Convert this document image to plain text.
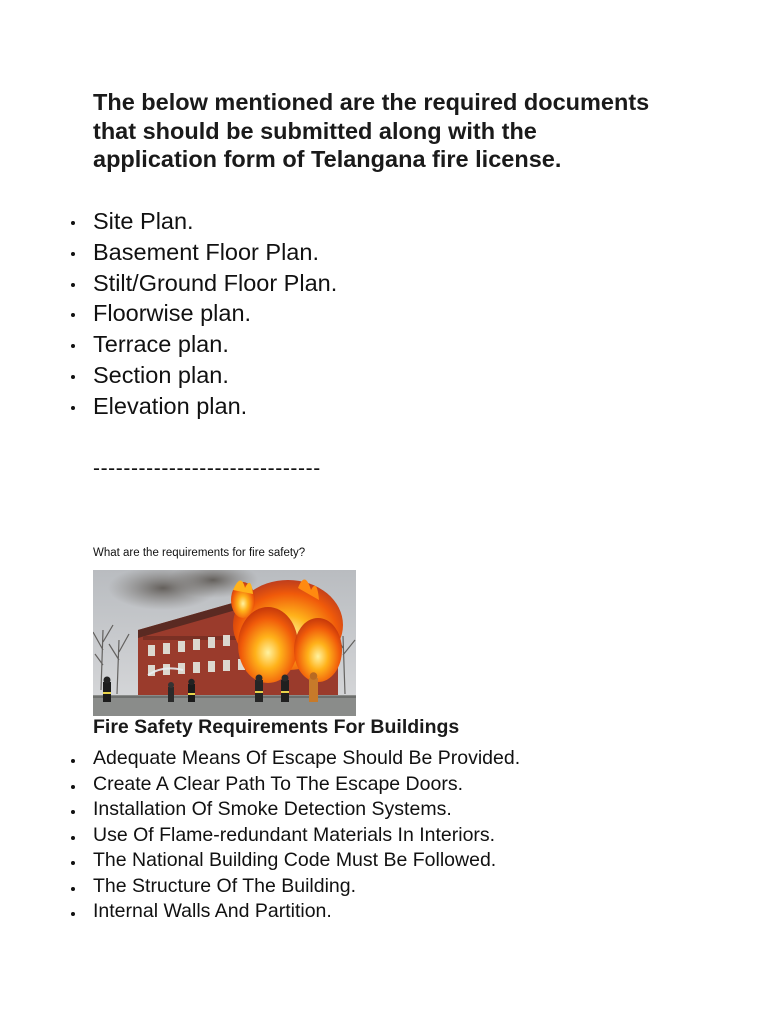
The below mentioned are the required documents that should be submitted along with the application form of Telangana fire license.
Site Plan.
Basement Floor Plan.
Stilt/Ground Floor Plan.
Floorwise plan.
Terrace plan.
Section plan.
Elevation plan.
------------------------------
What are the requirements for fire safety?
Fire Safety Requirements For Buildings
Adequate Means Of Escape Should Be Provided.
Create A Clear Path To The Escape Doors.
Installation Of Smoke Detection Systems.
Use Of Flame-redundant Materials In Interiors.
The National Building Code Must Be Followed.
The Structure Of The Building.
Internal Walls And Partition.
